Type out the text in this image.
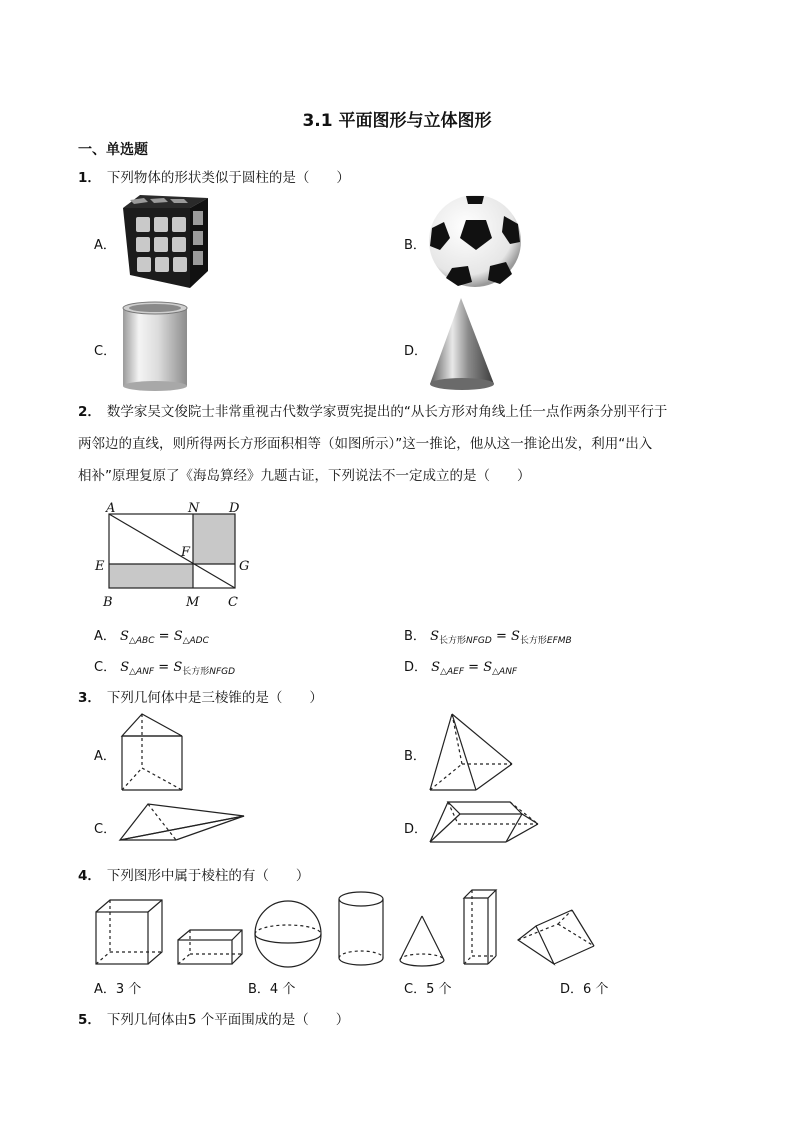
3.1 平面图形与立体图形
一、单选题
1． 下列物体的形状类似于圆柱的是（　　）
A．	B．
C．	D．
2． 数学家吴文俊院士非常重视古代数学家贾宪提出的“从长方形对角线上任一点作两条分别平行于
两邻边的直线，则所得两长方形面积相等（如图所示）”这一推论，他从这一推论出发，利用“出入
相补”原理复原了《海岛算经》九题古证，下列说法不一定成立的是（　　）
A	N D
F
E	G
B	M C
A． $S_{\triangle ABC} = S_{\triangle ADC}$	B． $S_{长方形NFGD} = S_{长方形EFMB}$
C． $S_{\triangle ANF} = S_{长方形NFGD}$	D． $S_{\triangle AEF} = S_{\triangle ANF}$
3． 下列几何体中是三棱锥的是（　　）
A．	B．
C．	D．
4． 下列图形中属于棱柱的有（　　）
A．3 个	B．4 个	C．5 个	D．6 个
5． 下列几何体由5 个平面围成的是（　　）
